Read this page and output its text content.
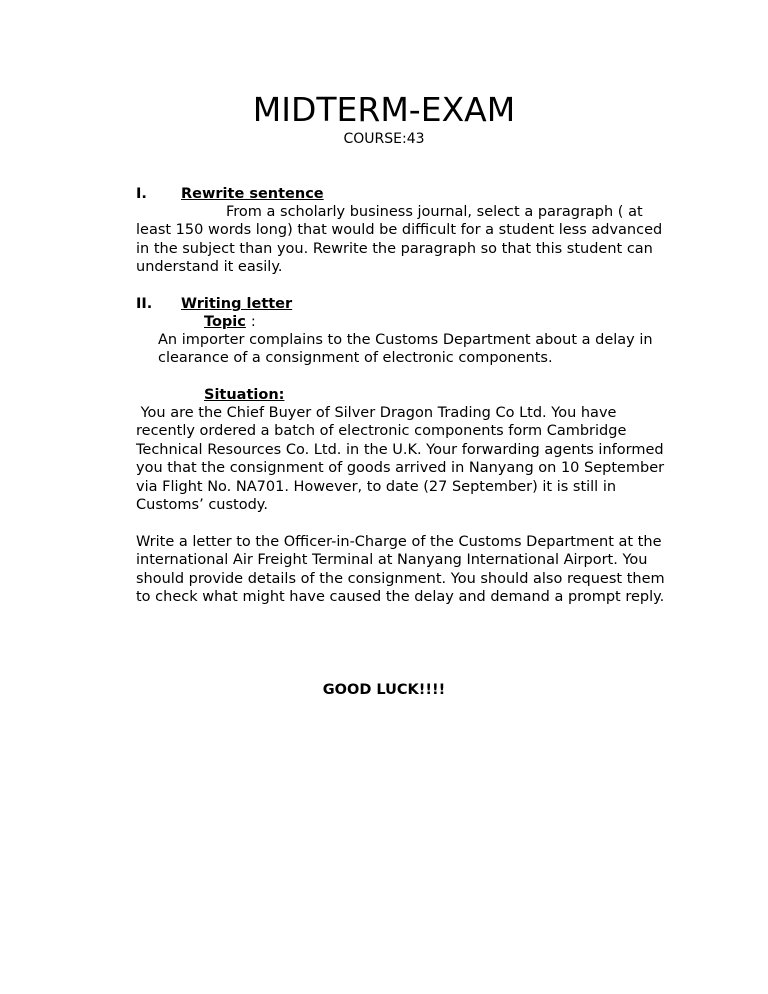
MIDTERM-EXAM
COURSE:43
I. Rewrite sentence
From a scholarly business journal, select a paragraph ( at least 150 words long) that would be difficult for a student less advanced in the subject than you. Rewrite the paragraph so that this student can understand it easily.
II. Writing letter
Topic :
An importer complains to the Customs Department about a delay in clearance of a consignment of electronic components.
Situation:
You are the Chief Buyer of Silver Dragon Trading Co Ltd. You have recently ordered a batch of electronic components form Cambridge Technical Resources Co. Ltd. in the U.K. Your forwarding agents informed you that the consignment of goods arrived in Nanyang on 10 September via Flight No. NA701. However, to date (27 September) it is still in Customs’ custody.
Write a letter to the Officer-in-Charge of the Customs Department at the international Air Freight Terminal at Nanyang International Airport. You should provide details of the consignment. You should also request them to check what might have caused the delay and demand a prompt reply.
GOOD LUCK!!!!
